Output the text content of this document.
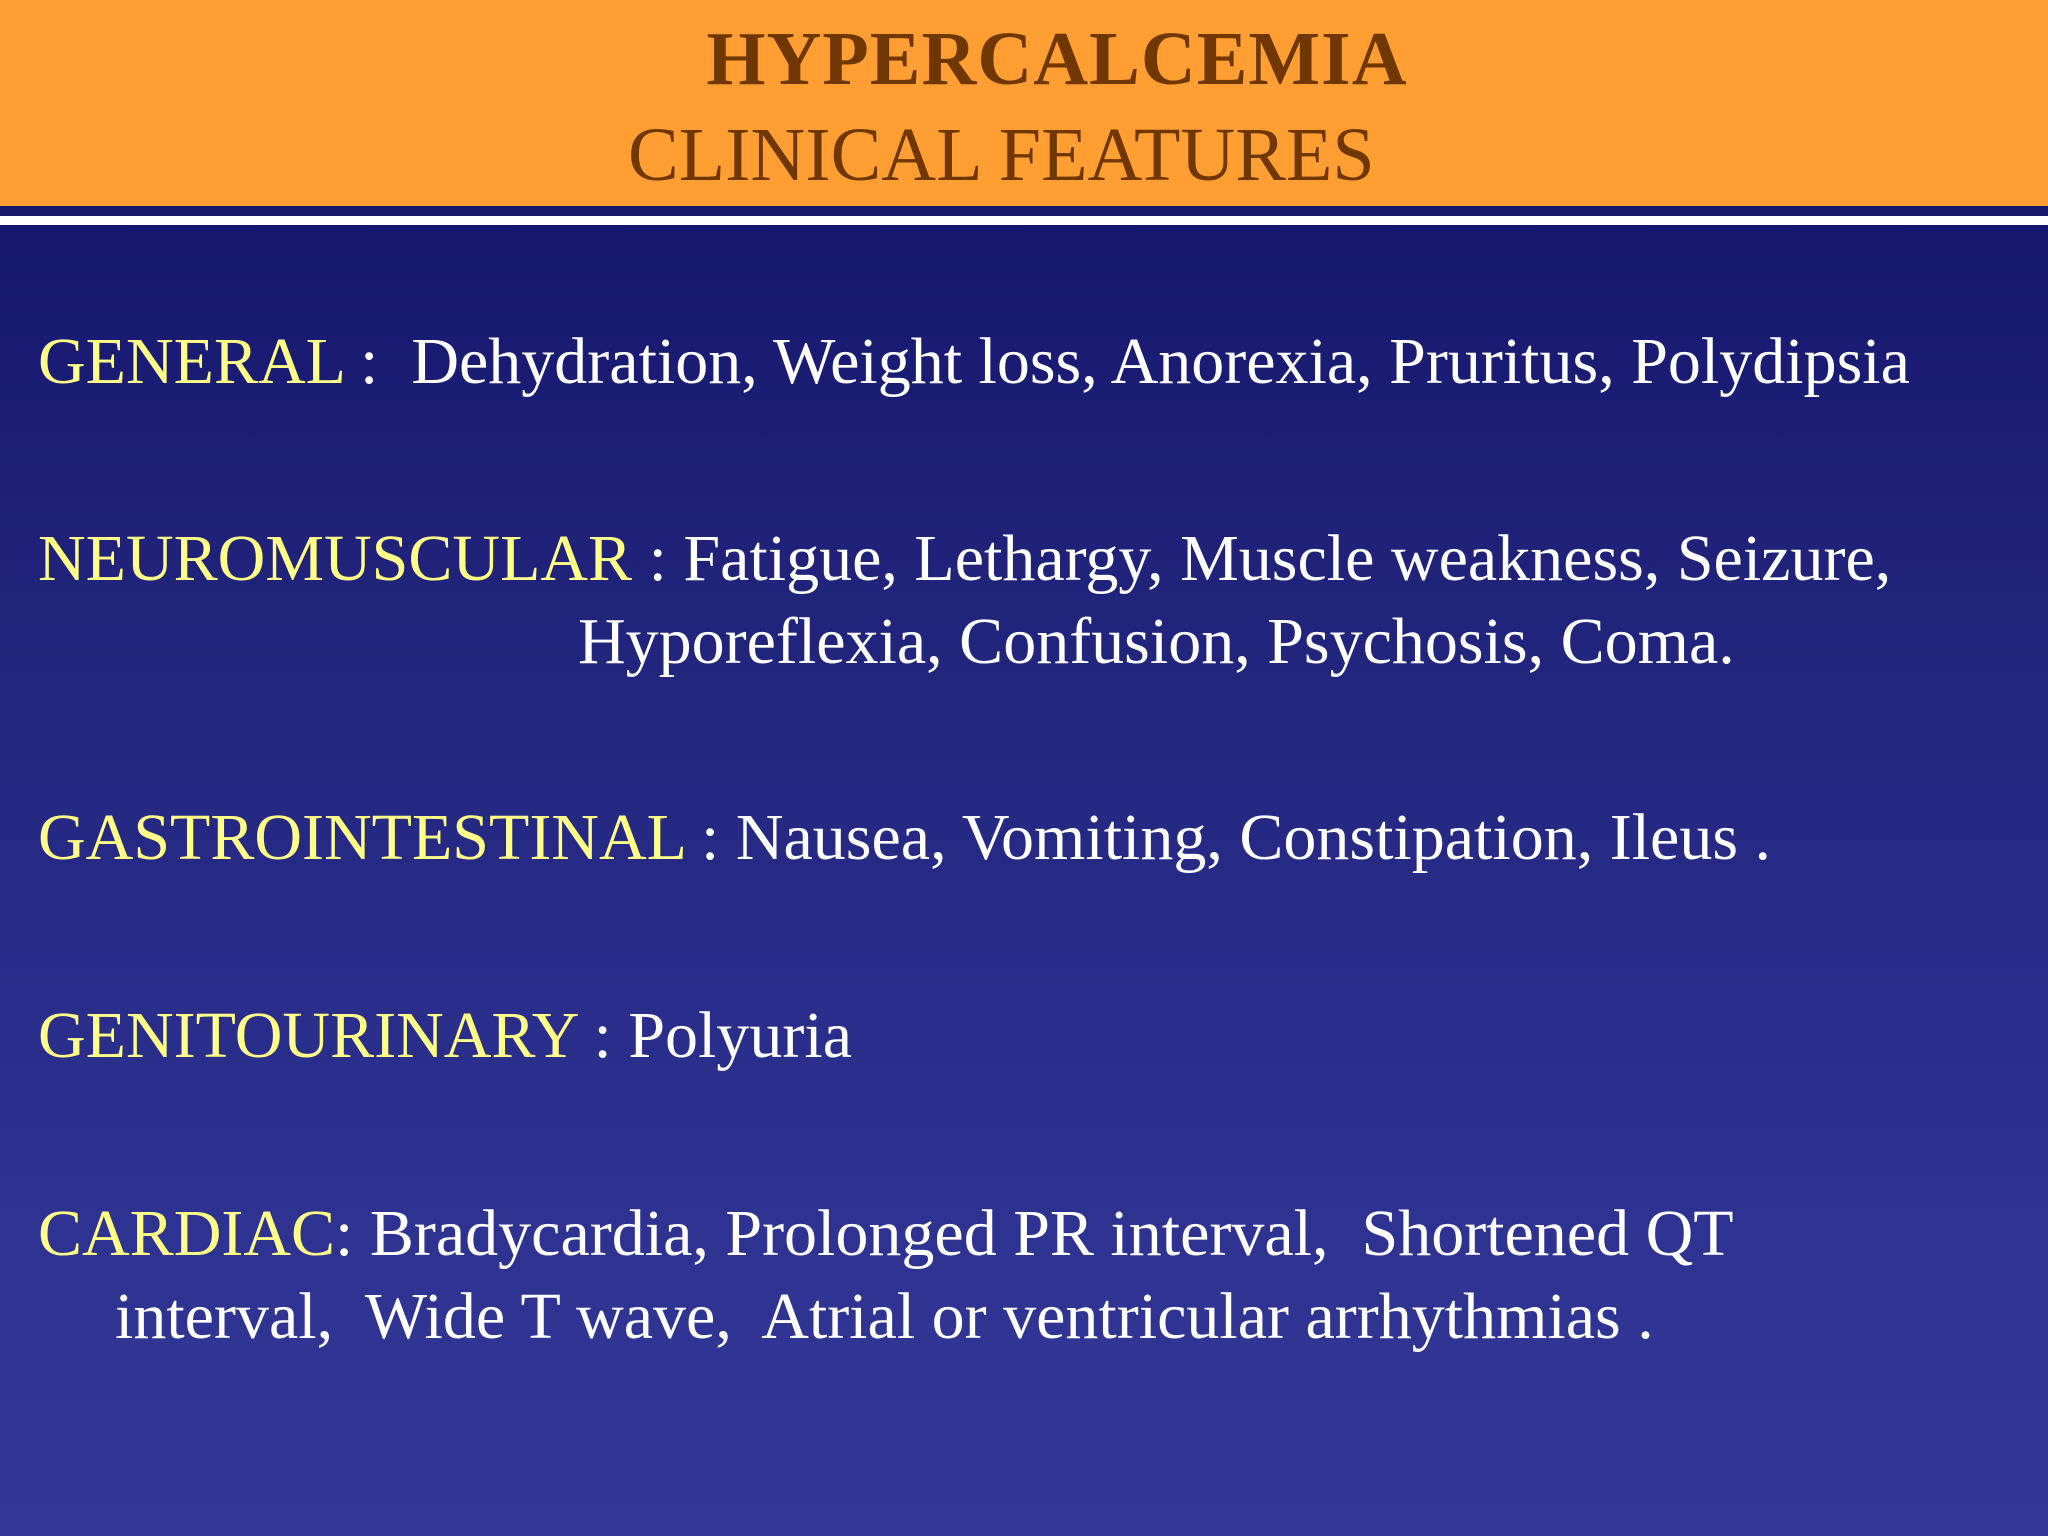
HYPERCALCEMIA
CLINICAL FEATURES
GENERAL :  Dehydration, Weight loss, Anorexia, Pruritus, Polydipsia
NEUROMUSCULAR : Fatigue, Lethargy, Muscle weakness, Seizure,
Hyporeflexia, Confusion, Psychosis, Coma.
GASTROINTESTINAL : Nausea, Vomiting, Constipation, Ileus .
GENITOURINARY : Polyuria
CARDIAC: Bradycardia, Prolonged PR interval,  Shortened QT
interval,  Wide T wave,  Atrial or ventricular arrhythmias .
